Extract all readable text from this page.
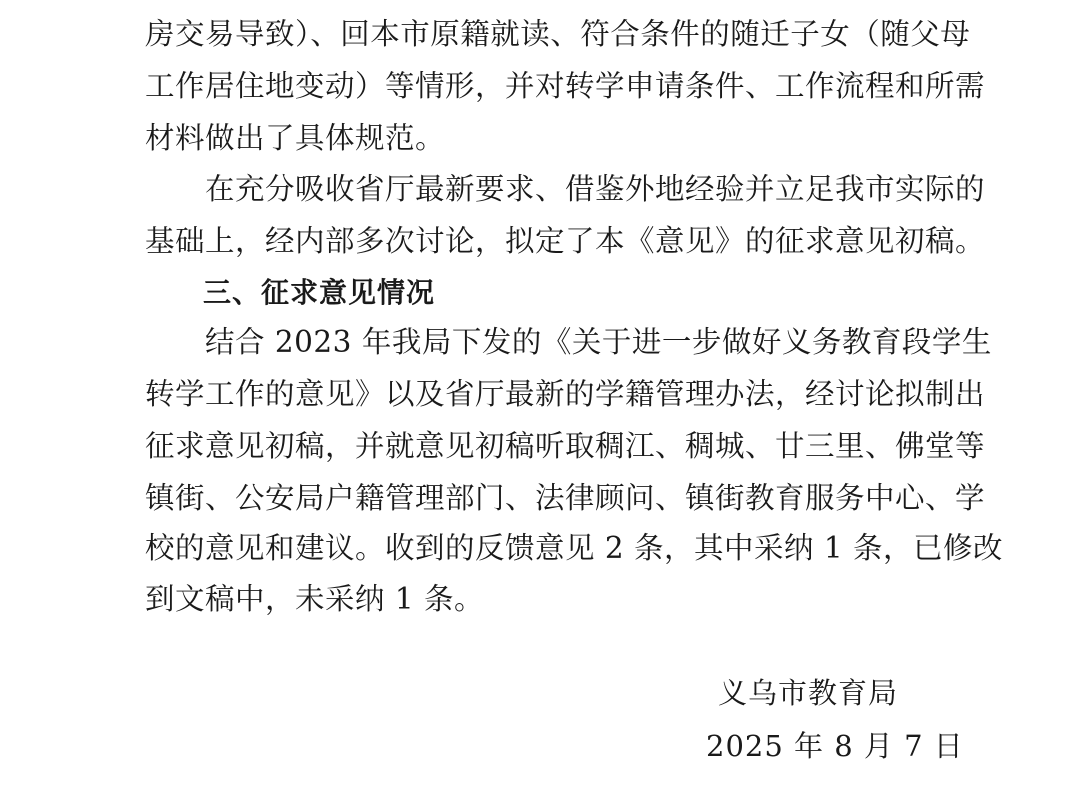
房交易导致）、回本市原籍就读、符合条件的随迁子女（随父母
工作居住地变动）等情形，并对转学申请条件、工作流程和所需
材料做出了具体规范。
在充分吸收省厅最新要求、借鉴外地经验并立足我市实际的
基础上，经内部多次讨论，拟定了本《意见》的征求意见初稿。
三、征求意见情况
结合 2023 年我局下发的《关于进一步做好义务教育段学生
转学工作的意见》以及省厅最新的学籍管理办法，经讨论拟制出
征求意见初稿，并就意见初稿听取稠江、稠城、廿三里、佛堂等
镇街、公安局户籍管理部门、法律顾问、镇街教育服务中心、学
校的意见和建议。收到的反馈意见 2 条，其中采纳 1 条，已修改
到文稿中，未采纳 1 条。
义乌市教育局
2025 年 8 月 7 日
